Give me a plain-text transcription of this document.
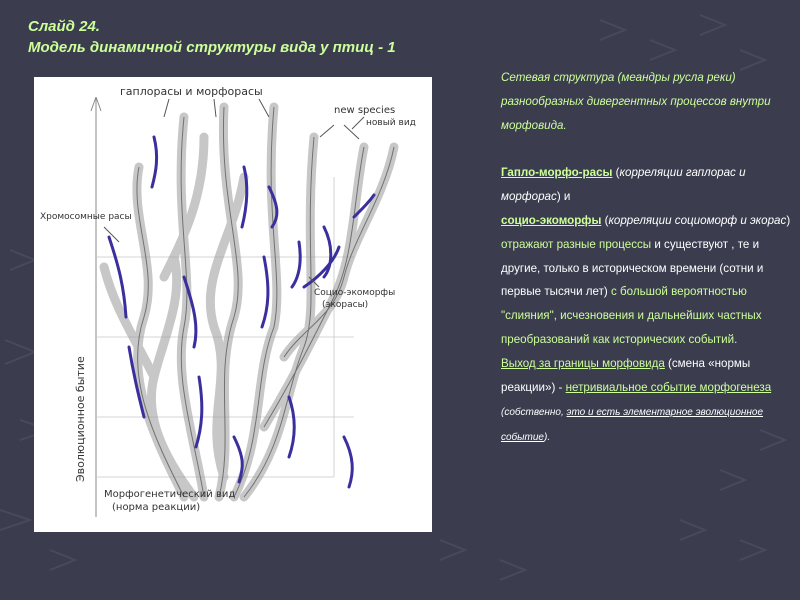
Слайд 24.
Модель динамичной структуры вида у птиц - 1
гаплорасы и морфорасы
new species
новый вид
Хромосомные расы
Социо-экоморфы
(экорасы)
Эволюционное бытие
Морфогенетический вид
(норма реакции)

Сетевая структура (меандры русла реки) разнообразных дивергентных процессов внутри морфовида.

Гапло-морфо-расы (корреляции гаплорас и морфорас) и
социо-экоморфы (корреляции социоморф и экорас) отражают разные процессы и существуют , те и другие, только в историческом времени (сотни и первые тысячи лет) с большой вероятностью "слияния", исчезновения и дальнейших частных преобразований как исторических событий.
Выход за границы морфовида (смена «нормы реакции») - нетривиальное событие морфогенеза (собственно, это и есть элементарное эволюционное событие).
